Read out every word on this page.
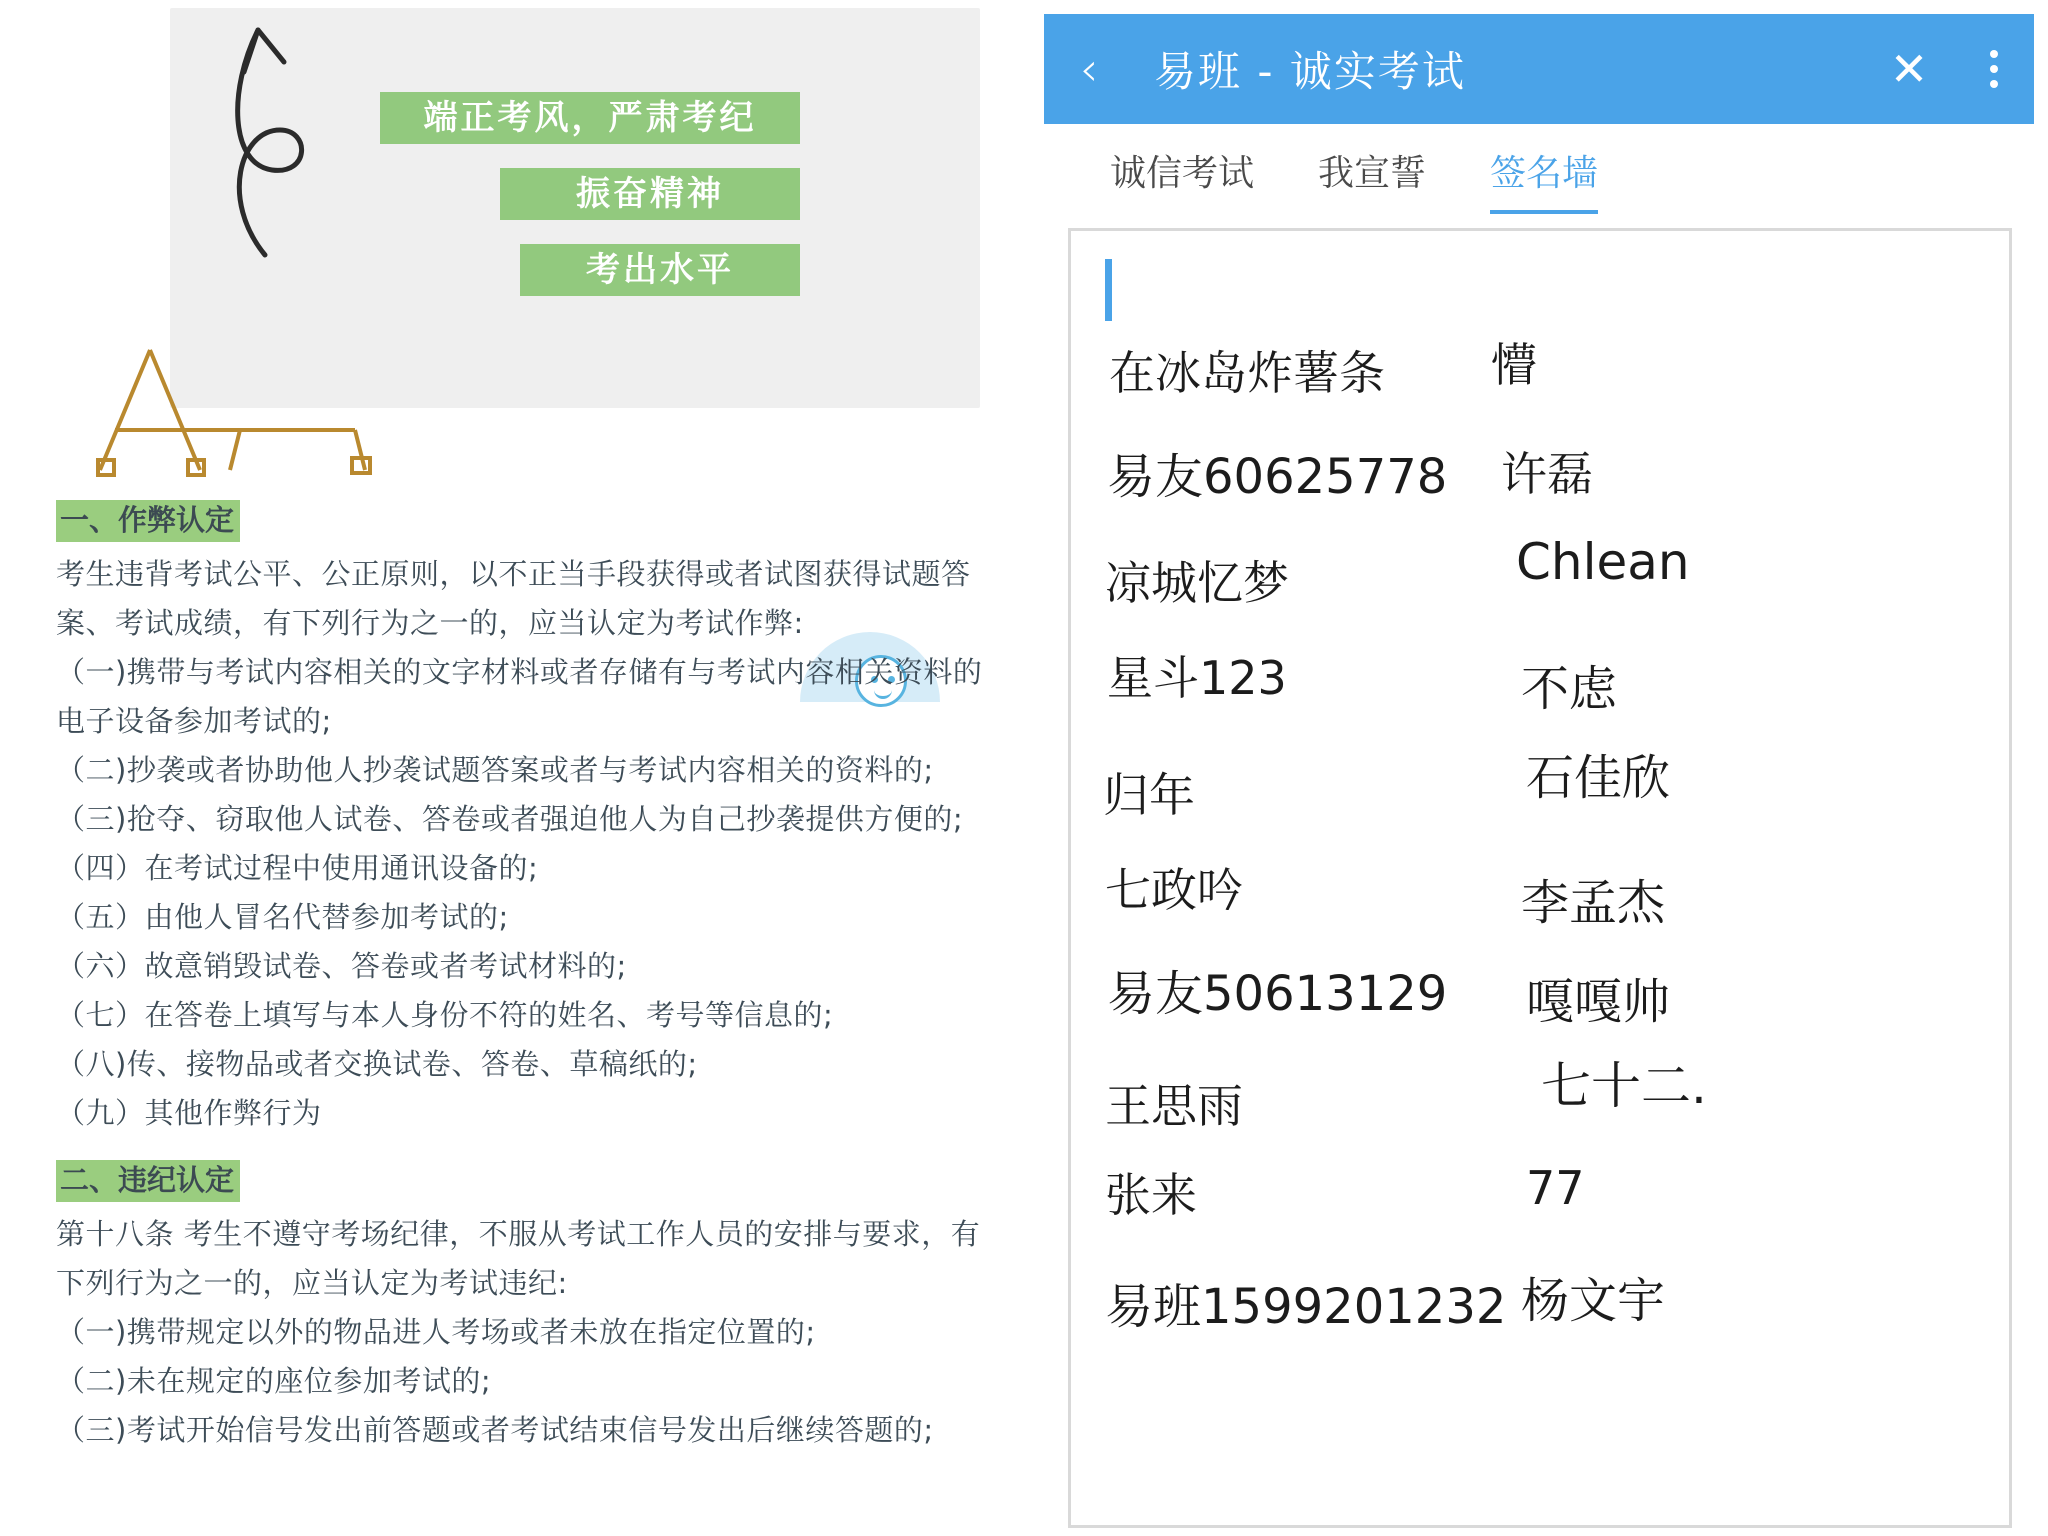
端正考风，严肃考纪
振奋精神
考出水平
一、作弊认定

考生违背考试公平、公正原则，以不正当手段获得或者试图获得试题答案、考试成绩，有下列行为之一的，应当认定为考试作弊:

（一)携带与考试内容相关的文字材料或者存储有与考试内容相关资料的电子设备参加考试的;

（二)抄袭或者协助他人抄袭试题答案或者与考试内容相关的资料的; （三)抢夺、窃取他人试卷、答卷或者强迫他人为自己抄袭提供方便的; （四）在考试过程中使用通讯设备的;

（五）由他人冒名代替参加考试的;

（六）故意销毁试卷、答卷或者考试材料的;

（七）在答卷上填写与本人身份不符的姓名、考号等信息的;

（八)传、接物品或者交换试卷、答卷、草稿纸的;

（九）其他作弊行为

二、违纪认定

第十八条 考生不遵守考场纪律，不服从考试工作人员的安排与要求，有下列行为之一的，应当认定为考试违纪:

（一)携带规定以外的物品进人考场或者未放在指定位置的;

（二)未在规定的座位参加考试的;

（三)考试开始信号发出前答题或者考试结束信号发出后继续答题的;

‹	易班 - 诚实考试	✕
诚信考试 我宣誓 签名墙
在冰岛炸薯条 懵
易友60625778 许磊
凉城忆梦	Chlean
星斗123	不虑
归年	石佳欣
七政吟	李孟杰
易友50613129 嘎嘎帅
王思雨	七十二.
张来	77
易班1599201232 杨文宇
